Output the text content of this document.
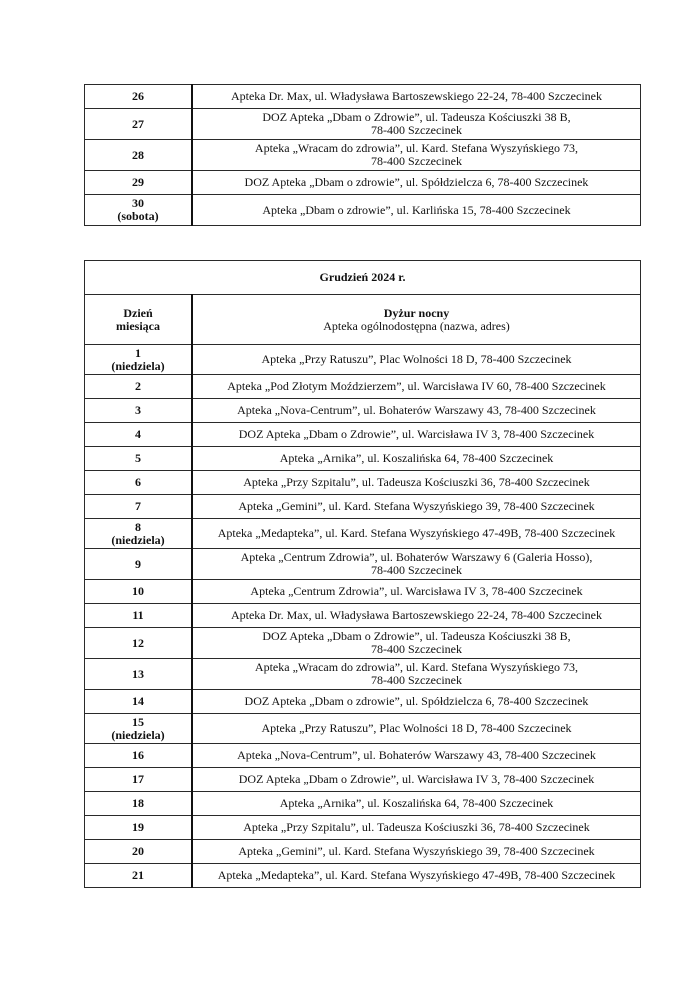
26	Apteka Dr. Max, ul. Władysława Bartoszewskiego 22-24, 78-400 Szczecinek

27	DOZ Apteka „Dbam o Zdrowie”, ul. Tadeusza Kościuszki 38 B,
78-400 Szczecinek

28	Apteka „Wracam do zdrowia”, ul. Kard. Stefana Wyszyńskiego 73,
78-400 Szczecinek

29	DOZ Apteka „Dbam o zdrowie”, ul. Spółdzielcza 6, 78-400 Szczecinek

30
(sobota)	Apteka „Dbam o zdrowie”, ul. Karlińska 15, 78-400 Szczecinek
Grudzień 2024 r.	

Dzień
miesiąca	Dyżur nocny
Apteka ogólnodostępna (nazwa, adres)

1
(niedziela)	Apteka „Przy Ratuszu”, Plac Wolności 18 D, 78-400 Szczecinek

2	Apteka „Pod Złotym Moździerzem”, ul. Warcisława IV 60, 78-400 Szczecinek

3	Apteka „Nova-Centrum”, ul. Bohaterów Warszawy 43, 78-400 Szczecinek

4	DOZ Apteka „Dbam o Zdrowie”, ul. Warcisława IV 3, 78-400 Szczecinek

5	Apteka „Arnika”, ul. Koszalińska 64, 78-400 Szczecinek

6	Apteka „Przy Szpitalu”, ul. Tadeusza Kościuszki 36, 78-400 Szczecinek

7	Apteka „Gemini”, ul. Kard. Stefana Wyszyńskiego 39, 78-400 Szczecinek

8
(niedziela)	Apteka „Medapteka”, ul. Kard. Stefana Wyszyńskiego 47-49B, 78-400 Szczecinek

9	Apteka „Centrum Zdrowia”, ul. Bohaterów Warszawy 6 (Galeria Hosso),
78-400 Szczecinek

10	Apteka „Centrum Zdrowia”, ul. Warcisława IV 3, 78-400 Szczecinek

11	Apteka Dr. Max, ul. Władysława Bartoszewskiego 22-24, 78-400 Szczecinek

12	DOZ Apteka „Dbam o Zdrowie”, ul. Tadeusza Kościuszki 38 B,
78-400 Szczecinek

13	Apteka „Wracam do zdrowia”, ul. Kard. Stefana Wyszyńskiego 73,
78-400 Szczecinek

14	DOZ Apteka „Dbam o zdrowie”, ul. Spółdzielcza 6, 78-400 Szczecinek

15
(niedziela)	Apteka „Przy Ratuszu”, Plac Wolności 18 D, 78-400 Szczecinek

16	Apteka „Nova-Centrum”, ul. Bohaterów Warszawy 43, 78-400 Szczecinek

17	DOZ Apteka „Dbam o Zdrowie”, ul. Warcisława IV 3, 78-400 Szczecinek

18	Apteka „Arnika”, ul. Koszalińska 64, 78-400 Szczecinek

19	Apteka „Przy Szpitalu”, ul. Tadeusza Kościuszki 36, 78-400 Szczecinek

20	Apteka „Gemini”, ul. Kard. Stefana Wyszyńskiego 39, 78-400 Szczecinek

21	Apteka „Medapteka”, ul. Kard. Stefana Wyszyńskiego 47-49B, 78-400 Szczecinek
